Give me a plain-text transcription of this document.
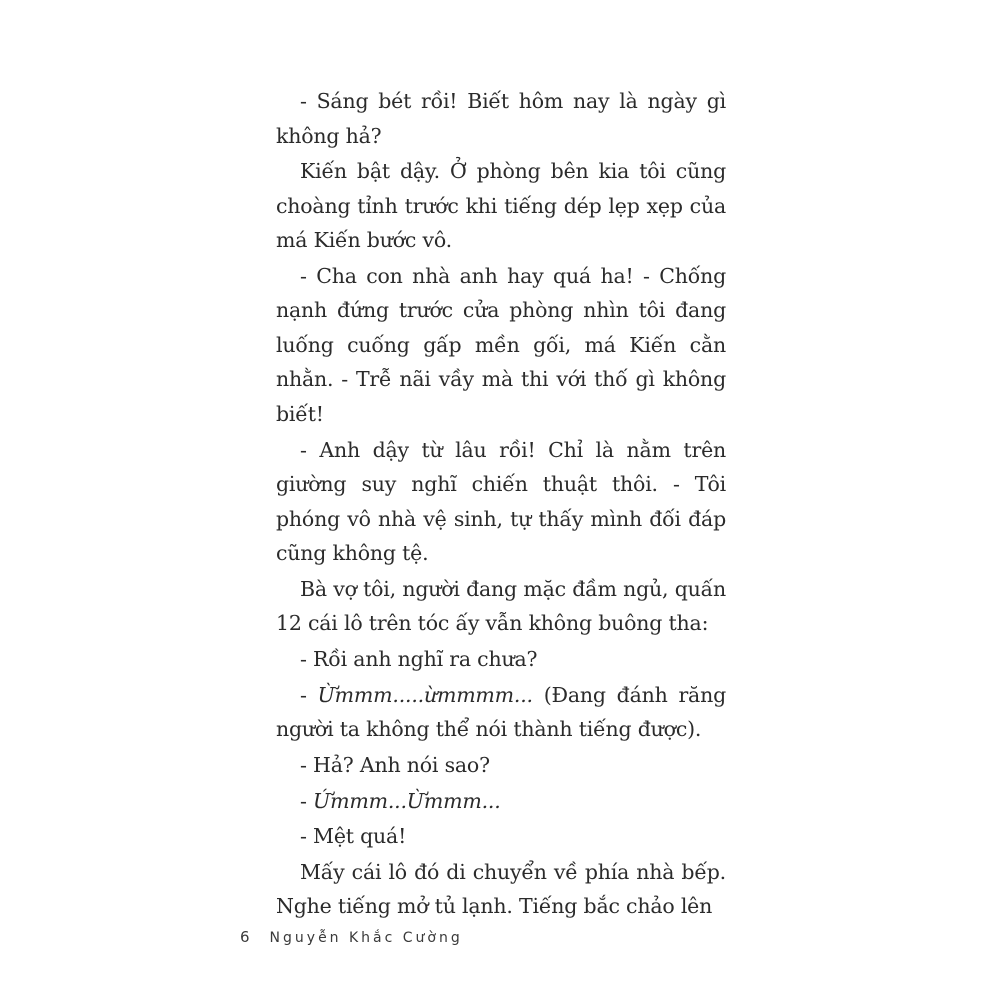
- Sáng bét rồi! Biết hôm nay là ngày gì không hả?

Kiến bật dậy. Ở phòng bên kia tôi cũng choàng tỉnh trước khi tiếng dép lẹp xẹp của má Kiến bước vô.

- Cha con nhà anh hay quá ha! - Chống nạnh đứng trước cửa phòng nhìn tôi đang luống cuống gấp mền gối, má Kiến cằn nhằn. - Trễ nãi vầy mà thi với thố gì không biết!

- Anh dậy từ lâu rồi! Chỉ là nằm trên giường suy nghĩ chiến thuật thôi. - Tôi phóng vô nhà vệ sinh, tự thấy mình đối đáp cũng không tệ.

Bà vợ tôi, người đang mặc đầm ngủ, quấn 12 cái lô trên tóc ấy vẫn không buông tha:

- Rồi anh nghĩ ra chưa?

- Ừmmm.....ừmmmm... (Đang đánh răng người ta không thể nói thành tiếng được).

- Hả? Anh nói sao?

- Ứmmm...Ừmmm...

- Mệt quá!

Mấy cái lô đó di chuyển về phía nhà bếp. Nghe tiếng mở tủ lạnh. Tiếng bắc chảo lên

6 Nguyễn Khắc Cường
